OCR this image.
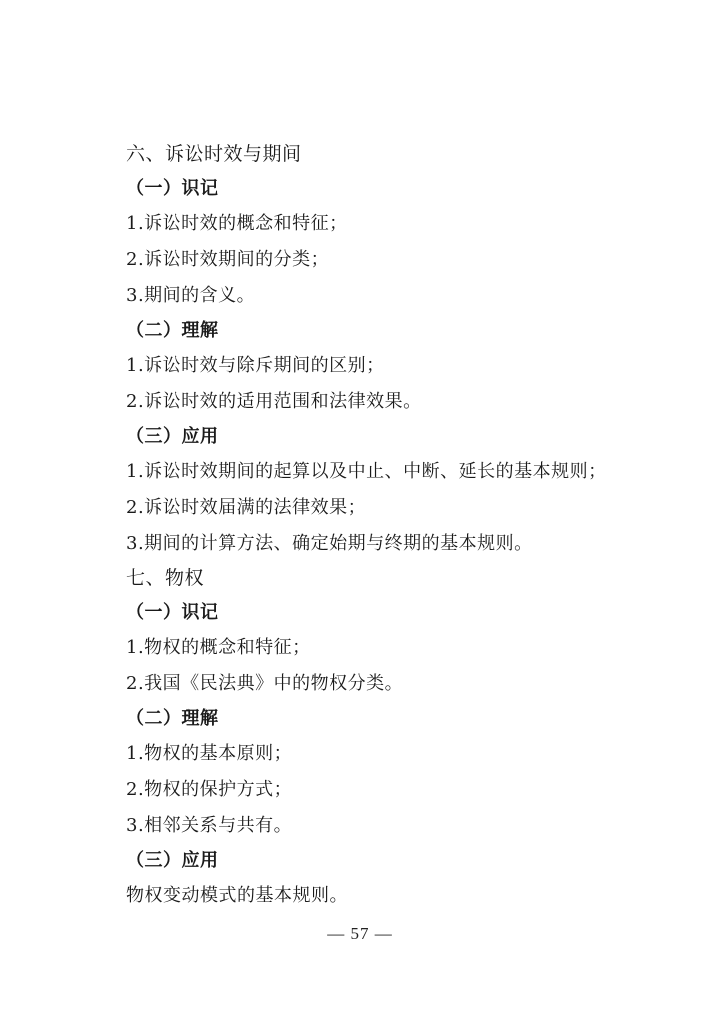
六、诉讼时效与期间
（一）识记
1.诉讼时效的概念和特征；
2.诉讼时效期间的分类；
3.期间的含义。
（二）理解
1.诉讼时效与除斥期间的区别；
2.诉讼时效的适用范围和法律效果。
（三）应用
1.诉讼时效期间的起算以及中止、中断、延长的基本规则；
2.诉讼时效届满的法律效果；
3.期间的计算方法、确定始期与终期的基本规则。
七、物权
（一）识记
1.物权的概念和特征；
2.我国《民法典》中的物权分类。
（二）理解
1.物权的基本原则；
2.物权的保护方式；
3.相邻关系与共有。
（三）应用
物权变动模式的基本规则。
— 57 —
